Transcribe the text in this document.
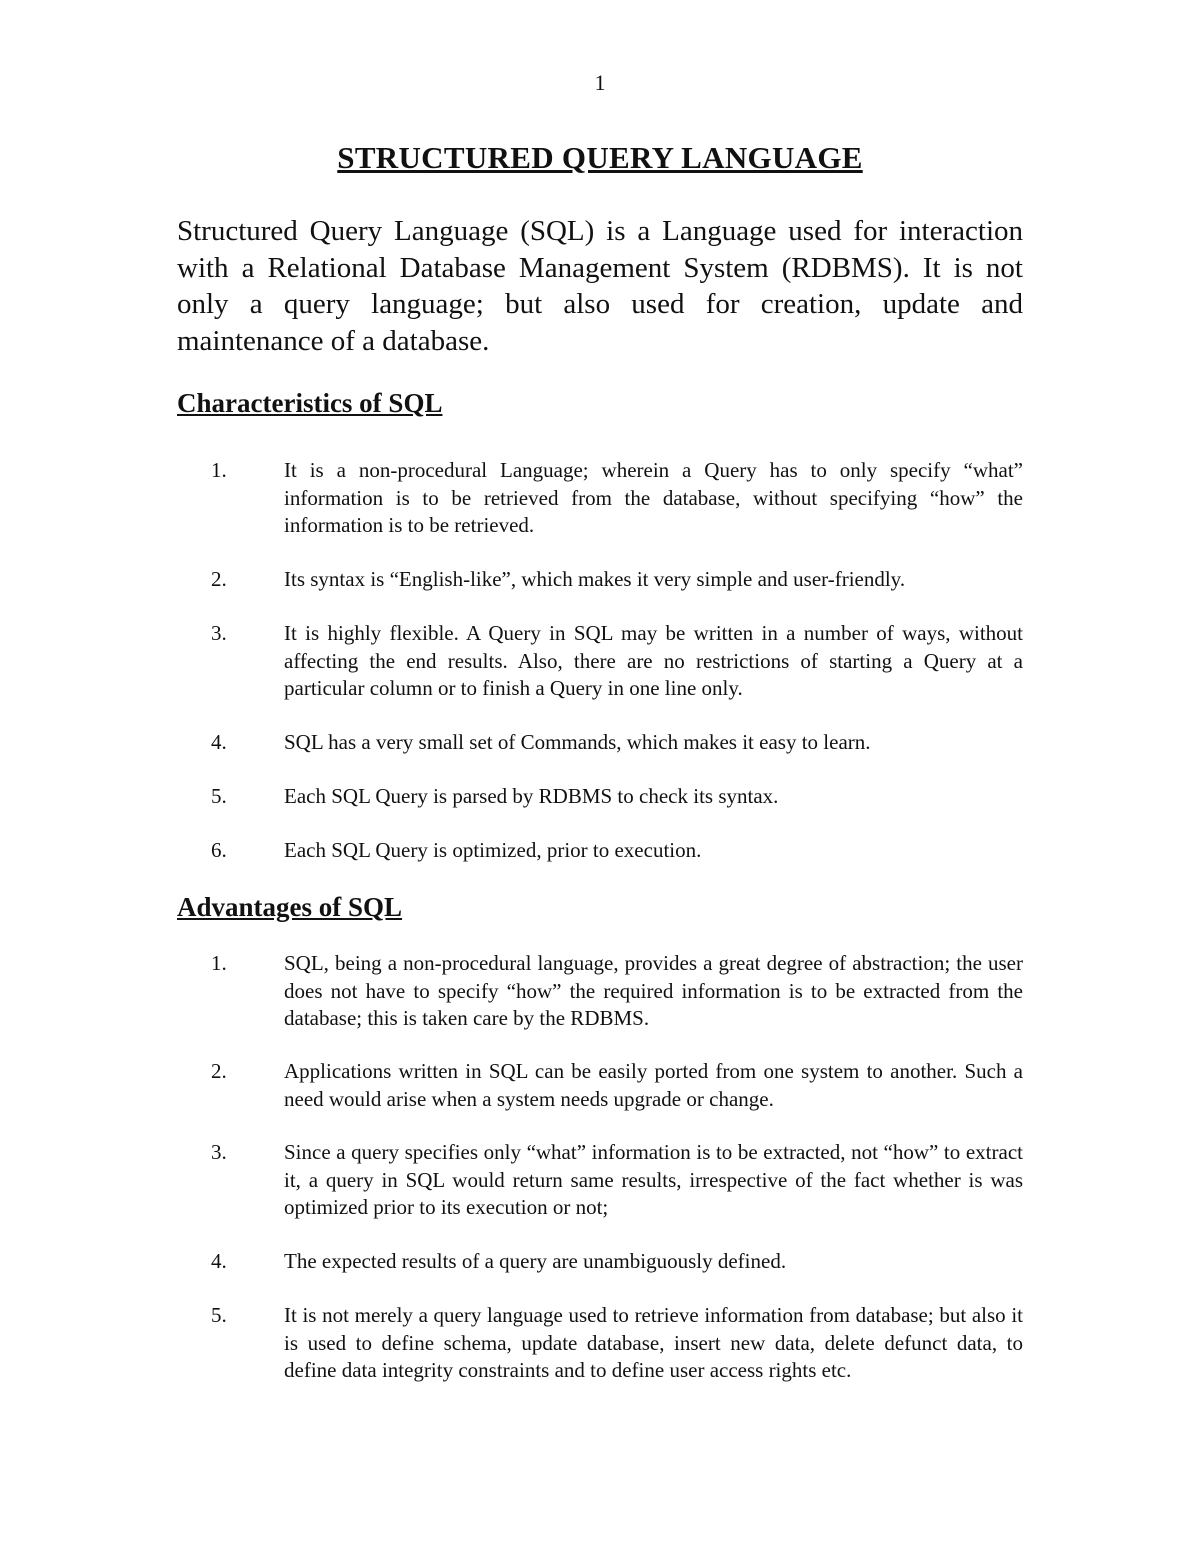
1
STRUCTURED QUERY LANGUAGE

Structured Query Language (SQL) is a Language used for interaction with a Relational Database Management System (RDBMS). It is not only a query language; but also used for creation, update and maintenance of a database.

Characteristics of SQL
1.	It is a non-procedural Language; wherein a Query has to only specify “what” information is to be retrieved from the database, without specifying “how” the information is to be retrieved.
2.	Its syntax is “English-like”, which makes it very simple and user-friendly.
3.	It is highly flexible. A Query in SQL may be written in a number of ways, without affecting the end results. Also, there are no restrictions of starting a Query at a particular column or to finish a Query in one line only.
4.	SQL has a very small set of Commands, which makes it easy to learn.
5.	Each SQL Query is parsed by RDBMS to check its syntax.
6.	Each SQL Query is optimized, prior to execution.
Advantages of SQL
1.	SQL, being a non-procedural language, provides a great degree of abstraction; the user does not have to specify “how” the required information is to be extracted from the database; this is taken care by the RDBMS.
2.	Applications written in SQL can be easily ported from one system to another. Such a need would arise when a system needs upgrade or change.
3.	Since a query specifies only “what” information is to be extracted, not “how” to extract it, a query in SQL would return same results, irrespective of the fact whether is was optimized prior to its execution or not;
4.	The expected results of a query are unambiguously defined.
5.	It is not merely a query language used to retrieve information from database; but also it is used to define schema, update database, insert new data, delete defunct data, to define data integrity constraints and to define user access rights etc.
